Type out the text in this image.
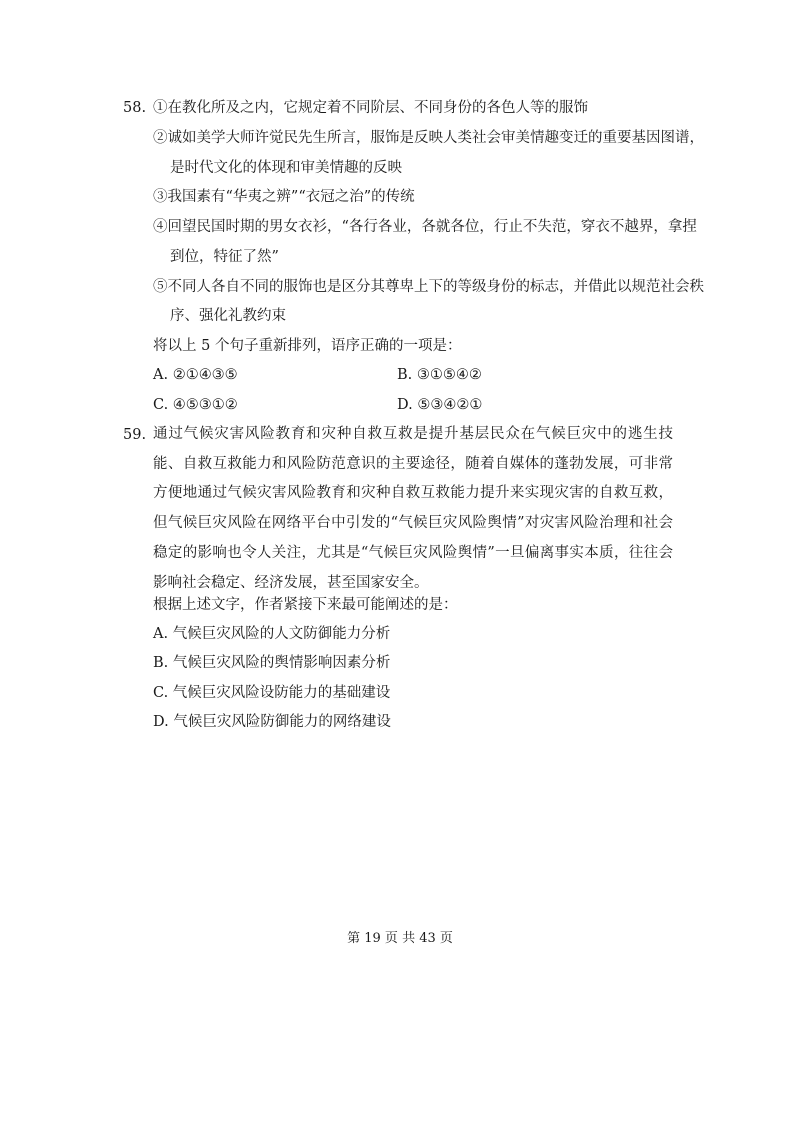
58. ①在教化所及之内，它规定着不同阶层、不同身份的各色人等的服饰
②诚如美学大师许觉民先生所言，服饰是反映人类社会审美情趣变迁的重要基因图谱，
是时代文化的体现和审美情趣的反映
③我国素有“华夷之辨”“衣冠之治”的传统
④回望民国时期的男女衣衫，“各行各业，各就各位，行止不失范，穿衣不越界，拿捏
到位，特征了然”
⑤不同人各自不同的服饰也是区分其尊卑上下的等级身份的标志，并借此以规范社会秩
序、强化礼教约束
将以上 5 个句子重新排列，语序正确的一项是：
A. ②①④③⑤	B. ③①⑤④②
C. ④⑤③①②	D. ⑤③④②①
59. 通过气候灾害风险教育和灾种自救互救是提升基层民众在气候巨灾中的逃生技能、自救互救能力和风险防范意识的主要途径，随着自媒体的蓬勃发展，可非常方便地通过气候灾害风险教育和灾种自救互救能力提升来实现灾害的自救互救，但气候巨灾风险在网络平台中引发的“气候巨灾风险舆情”对灾害风险治理和社会稳定的影响也令人关注，尤其是“气候巨灾风险舆情”一旦偏离事实本质，往往会影响社会稳定、经济发展，甚至国家安全。
根据上述文字，作者紧接下来最可能阐述的是：
A. 气候巨灾风险的人文防御能力分析
B. 气候巨灾风险的舆情影响因素分析
C. 气候巨灾风险设防能力的基础建设
D. 气候巨灾风险防御能力的网络建设
第 19 页 共 43 页
